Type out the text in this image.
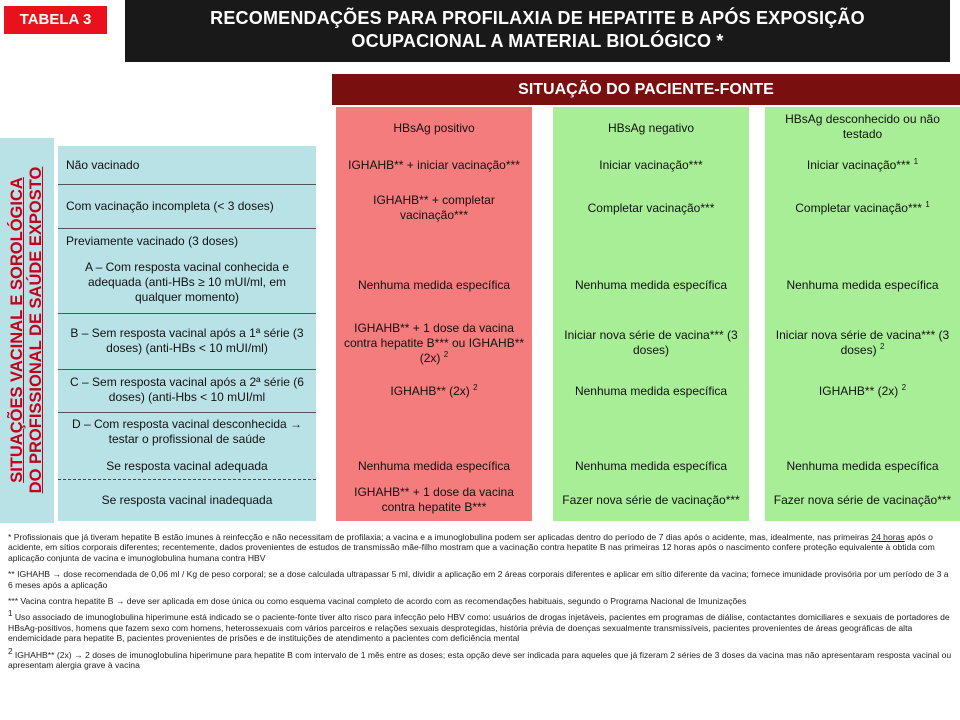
TABELA 3	RECOMENDAÇÕES PARA PROFILAXIA DE HEPATITE B APÓS EXPOSIÇÃO
OCUPACIONAL A MATERIAL BIOLÓGICO *
SITUAÇÃO DO PACIENTE-FONTE
SITUAÇÕES VACINAL E SOROLÓGICA DO PROFISSIONAL DE SAÚDE EXPOSTO
Não vacinado
Com vacinação incompleta (< 3 doses)
Previamente vacinado (3 doses)
A – Com resposta vacinal conhecida e adequada (anti-HBs ≥ 10 mUI/ml, em qualquer momento)
B – Sem resposta vacinal após a 1ª série (3 doses) (anti-HBs < 10 mUI/ml)
C – Sem resposta vacinal após a 2ª série (6 doses) (anti-Hbs < 10 mUI/ml
D – Com resposta vacinal desconhecida → testar o profissional de saúde
Se resposta vacinal adequada
Se resposta vacinal inadequada
HBsAg positivo
IGHAHB** + iniciar vacinação***
IGHAHB** + completar vacinação***
Nenhuma medida específica
IGHAHB** + 1 dose da vacina contra hepatite B*** ou IGHAHB** (2x) $^2$
IGHAHB** (2x) $^2$
Nenhuma medida específica
IGHAHB** + 1 dose da vacina contra hepatite B***
HBsAg negativo
Iniciar vacinação***
Completar vacinação***
Nenhuma medida específica
Iniciar nova série de vacina*** (3 doses)
Nenhuma medida específica
Nenhuma medida específica
Fazer nova série de vacinação***
HBsAg desconhecido ou não testado
Iniciar vacinação*** $^1$
Completar vacinação*** $^1$
Nenhuma medida específica
Iniciar nova série de vacina*** (3 doses) $^2$
IGHAHB** (2x) $^2$
Nenhuma medida específica
Fazer nova série de vacinação***

* Profissionais que já tiveram hepatite B estão imunes à reinfecção e não necessitam de profilaxia; a vacina e a imunoglobulina podem ser aplicadas dentro do período de 7 dias após o acidente, mas, idealmente, nas primeiras 24 horas após o acidente, em sítios corporais diferentes; recentemente, dados provenientes de estudos de transmissão mãe-filho mostram que a vacinação contra hepatite B nas primeiras 12 horas após o nascimento confere proteção equivalente à obtida com aplicação conjunta de vacina e imunoglobulina humana contra HBV

** IGHAHB → dose recomendada de 0,06 ml / Kg de peso corporal; se a dose calculada ultrapassar 5 ml, dividir a aplicação em 2 áreas corporais diferentes e aplicar em sítio diferente da vacina; fornece imunidade provisória por um período de 3 a 6 meses após a aplicação

*** Vacina contra hepatite B → deve ser aplicada em dose única ou como esquema vacinal completo de acordo com as recomendações habituais, segundo o Programa Nacional de Imunizações

$^1$ Uso associado de imunoglobulina hiperimune está indicado se o paciente-fonte tiver alto risco para infecção pelo HBV como: usuários de drogas injetáveis, pacientes em programas de diálise, contactantes domiciliares e sexuais de portadores de HBsAg-positivos, homens que fazem sexo com homens, heterossexuais com vários parceiros e relações sexuais desprotegidas, história prévia de doenças sexualmente transmissíveis, pacientes provenientes de áreas geográficas de alta endemicidade para hepatite B, pacientes provenientes de prisões e de instituições de atendimento a pacientes com deficiência mental

$^2$ IGHAHB** (2x) → 2 doses de imunoglobulina hiperimune para hepatite B com intervalo de 1 mês entre as doses; esta opção deve ser indicada para aqueles que já fizeram 2 séries de 3 doses da vacina mas não apresentaram resposta vacinal ou apresentam alergia grave à vacina
